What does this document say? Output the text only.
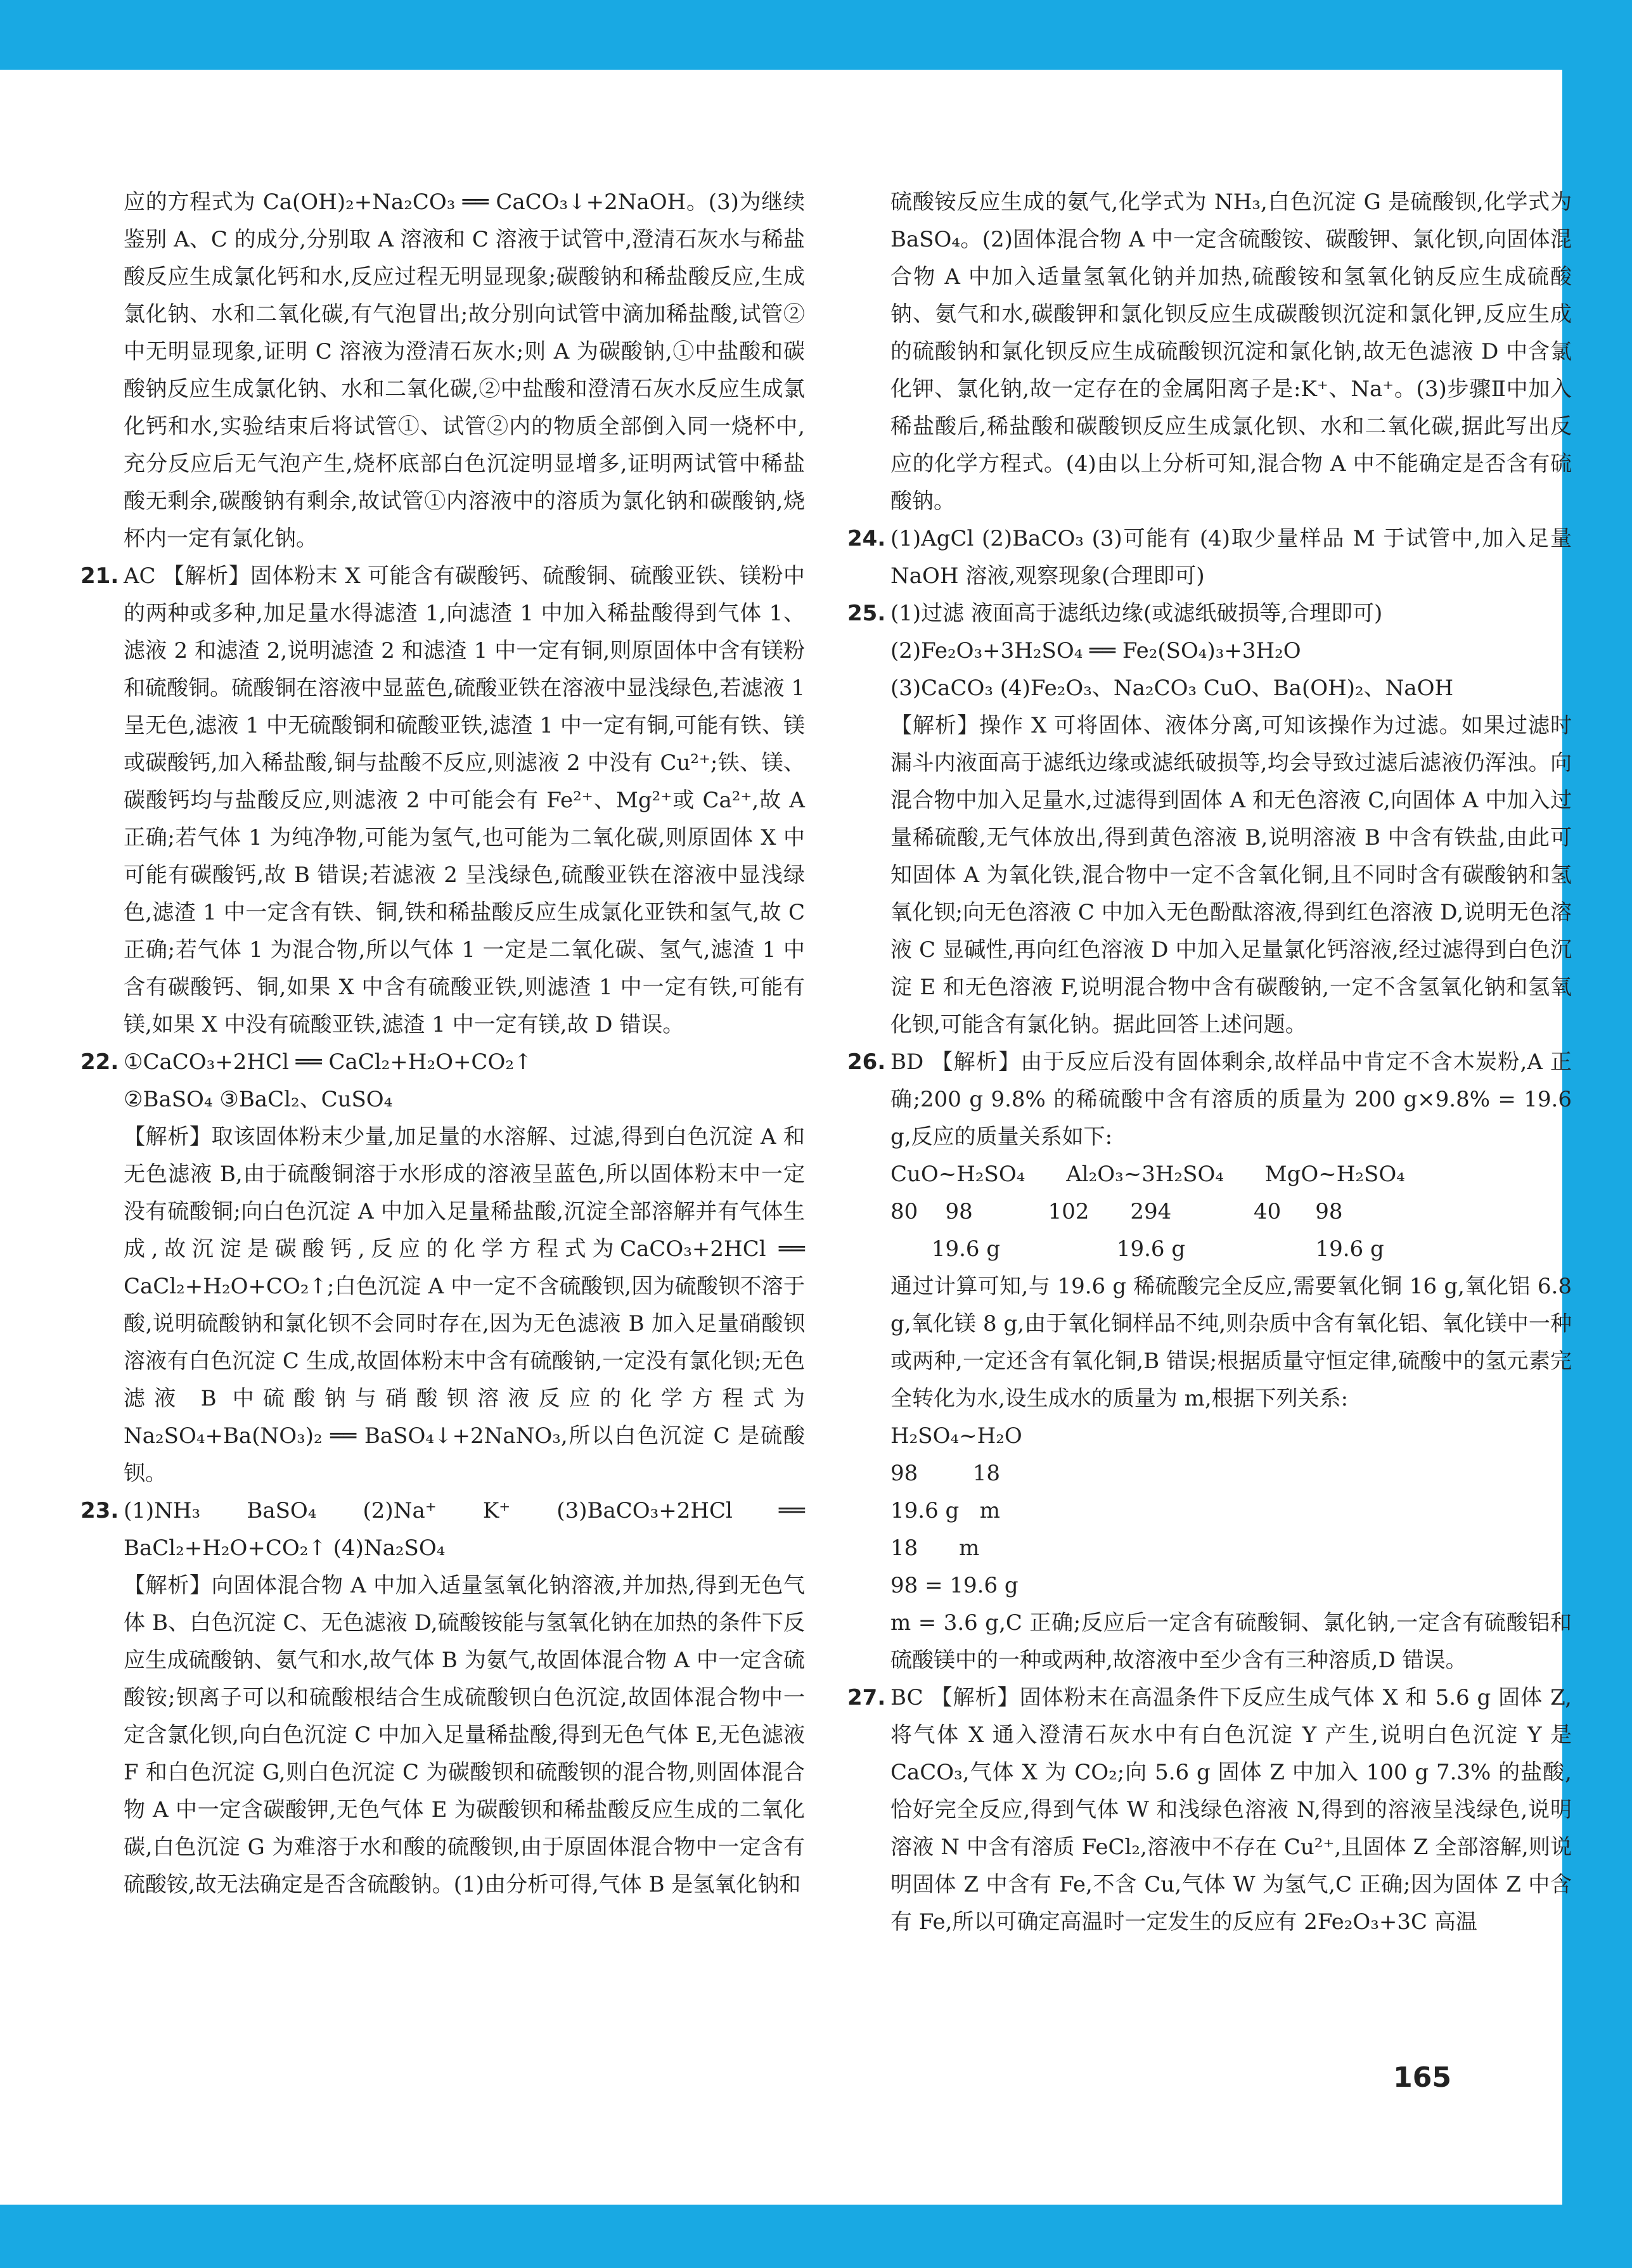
应的方程式为 Ca(OH)₂+Na₂CO₃ ══ CaCO₃↓+2NaOH。(3)为继续鉴别 A、C 的成分,分别取 A 溶液和 C 溶液于试管中,澄清石灰水与稀盐酸反应生成氯化钙和水,反应过程无明显现象;碳酸钠和稀盐酸反应,生成氯化钠、水和二氧化碳,有气泡冒出;故分别向试管中滴加稀盐酸,试管②中无明显现象,证明 C 溶液为澄清石灰水;则 A 为碳酸钠,①中盐酸和碳酸钠反应生成氯化钠、水和二氧化碳,②中盐酸和澄清石灰水反应生成氯化钙和水,实验结束后将试管①、试管②内的物质全部倒入同一烧杯中,充分反应后无气泡产生,烧杯底部白色沉淀明显增多,证明两试管中稀盐酸无剩余,碳酸钠有剩余,故试管①内溶液中的溶质为氯化钠和碳酸钠,烧杯内一定有氯化钠。

21. AC 【解析】固体粉末 X 可能含有碳酸钙、硫酸铜、硫酸亚铁、镁粉中的两种或多种,加足量水得滤渣 1,向滤渣 1 中加入稀盐酸得到气体 1、滤液 2 和滤渣 2,说明滤渣 2 和滤渣 1 中一定有铜,则原固体中含有镁粉和硫酸铜。硫酸铜在溶液中显蓝色,硫酸亚铁在溶液中显浅绿色,若滤液 1 呈无色,滤液 1 中无硫酸铜和硫酸亚铁,滤渣 1 中一定有铜,可能有铁、镁或碳酸钙,加入稀盐酸,铜与盐酸不反应,则滤液 2 中没有 Cu²⁺;铁、镁、碳酸钙均与盐酸反应,则滤液 2 中可能会有 Fe²⁺、Mg²⁺或 Ca²⁺,故 A 正确;若气体 1 为纯净物,可能为氢气,也可能为二氧化碳,则原固体 X 中可能有碳酸钙,故 B 错误;若滤液 2 呈浅绿色,硫酸亚铁在溶液中显浅绿色,滤渣 1 中一定含有铁、铜,铁和稀盐酸反应生成氯化亚铁和氢气,故 C 正确;若气体 1 为混合物,所以气体 1 一定是二氧化碳、氢气,滤渣 1 中含有碳酸钙、铜,如果 X 中含有硫酸亚铁,则滤渣 1 中一定有铁,可能有镁,如果 X 中没有硫酸亚铁,滤渣 1 中一定有镁,故 D 错误。

22. ①CaCO₃+2HCl ══ CaCl₂+H₂O+CO₂↑

②BaSO₄ ③BaCl₂、CuSO₄

【解析】取该固体粉末少量,加足量的水溶解、过滤,得到白色沉淀 A 和无色滤液 B,由于硫酸铜溶于水形成的溶液呈蓝色,所以固体粉末中一定没有硫酸铜;向白色沉淀 A 中加入足量稀盐酸,沉淀全部溶解并有气体生成,故沉淀是碳酸钙,反应的化学方程式为CaCO₃+2HCl ══ CaCl₂+H₂O+CO₂↑;白色沉淀 A 中一定不含硫酸钡,因为硫酸钡不溶于酸,说明硫酸钠和氯化钡不会同时存在,因为无色滤液 B 加入足量硝酸钡溶液有白色沉淀 C 生成,故固体粉末中含有硫酸钠,一定没有氯化钡;无色滤液 B 中硫酸钠与硝酸钡溶液反应的化学方程式为 Na₂SO₄+Ba(NO₃)₂ ══ BaSO₄↓+2NaNO₃,所以白色沉淀 C 是硫酸钡。

23. (1)NH₃ BaSO₄ (2)Na⁺ K⁺ (3)BaCO₃+2HCl ══ BaCl₂+H₂O+CO₂↑ (4)Na₂SO₄

【解析】向固体混合物 A 中加入适量氢氧化钠溶液,并加热,得到无色气体 B、白色沉淀 C、无色滤液 D,硫酸铵能与氢氧化钠在加热的条件下反应生成硫酸钠、氨气和水,故气体 B 为氨气,故固体混合物 A 中一定含硫酸铵;钡离子可以和硫酸根结合生成硫酸钡白色沉淀,故固体混合物中一定含氯化钡,向白色沉淀 C 中加入足量稀盐酸,得到无色气体 E,无色滤液 F 和白色沉淀 G,则白色沉淀 C 为碳酸钡和硫酸钡的混合物,则固体混合物 A 中一定含碳酸钾,无色气体 E 为碳酸钡和稀盐酸反应生成的二氧化碳,白色沉淀 G 为难溶于水和酸的硫酸钡,由于原固体混合物中一定含有硫酸铵,故无法确定是否含硫酸钠。(1)由分析可得,气体 B 是氢氧化钠和

硫酸铵反应生成的氨气,化学式为 NH₃,白色沉淀 G 是硫酸钡,化学式为 BaSO₄。(2)固体混合物 A 中一定含硫酸铵、碳酸钾、氯化钡,向固体混合物 A 中加入适量氢氧化钠并加热,硫酸铵和氢氧化钠反应生成硫酸钠、氨气和水,碳酸钾和氯化钡反应生成碳酸钡沉淀和氯化钾,反应生成的硫酸钠和氯化钡反应生成硫酸钡沉淀和氯化钠,故无色滤液 D 中含氯化钾、氯化钠,故一定存在的金属阳离子是:K⁺、Na⁺。(3)步骤Ⅱ中加入稀盐酸后,稀盐酸和碳酸钡反应生成氯化钡、水和二氧化碳,据此写出反应的化学方程式。(4)由以上分析可知,混合物 A 中不能确定是否含有硫酸钠。

24. (1)AgCl (2)BaCO₃ (3)可能有 (4)取少量样品 M 于试管中,加入足量 NaOH 溶液,观察现象(合理即可)

25. (1)过滤 液面高于滤纸边缘(或滤纸破损等,合理即可)

(2)Fe₂O₃+3H₂SO₄ ══ Fe₂(SO₄)₃+3H₂O

(3)CaCO₃ (4)Fe₂O₃、Na₂CO₃ CuO、Ba(OH)₂、NaOH

【解析】操作 X 可将固体、液体分离,可知该操作为过滤。如果过滤时漏斗内液面高于滤纸边缘或滤纸破损等,均会导致过滤后滤液仍浑浊。向混合物中加入足量水,过滤得到固体 A 和无色溶液 C,向固体 A 中加入过量稀硫酸,无气体放出,得到黄色溶液 B,说明溶液 B 中含有铁盐,由此可知固体 A 为氧化铁,混合物中一定不含氧化铜,且不同时含有碳酸钠和氢氧化钡;向无色溶液 C 中加入无色酚酞溶液,得到红色溶液 D,说明无色溶液 C 显碱性,再向红色溶液 D 中加入足量氯化钙溶液,经过滤得到白色沉淀 E 和无色溶液 F,说明混合物中含有碳酸钠,一定不含氢氧化钠和氢氧化钡,可能含有氯化钠。据此回答上述问题。

26. BD 【解析】由于反应后没有固体剩余,故样品中肯定不含木炭粉,A 正确;200 g 9.8% 的稀硫酸中含有溶质的质量为 200 g×9.8% = 19.6 g,反应的质量关系如下:

CuO~H₂SO₄      Al₂O₃~3H₂SO₄      MgO~H₂SO₄

80    98           102      294            40     98

19.6 g                 19.6 g                   19.6 g

通过计算可知,与 19.6 g 稀硫酸完全反应,需要氧化铜 16 g,氧化铝 6.8 g,氧化镁 8 g,由于氧化铜样品不纯,则杂质中含有氧化铝、氧化镁中一种或两种,一定还含有氧化铜,B 错误;根据质量守恒定律,硫酸中的氢元素完全转化为水,设生成水的质量为 m,根据下列关系:

H₂SO₄~H₂O

98        18

19.6 g   m

18      m

98 = 19.6 g

m = 3.6 g,C 正确;反应后一定含有硫酸铜、氯化钠,一定含有硫酸铝和硫酸镁中的一种或两种,故溶液中至少含有三种溶质,D 错误。

27. BC 【解析】固体粉末在高温条件下反应生成气体 X 和 5.6 g 固体 Z,将气体 X 通入澄清石灰水中有白色沉淀 Y 产生,说明白色沉淀 Y 是 CaCO₃,气体 X 为 CO₂;向 5.6 g 固体 Z 中加入 100 g 7.3% 的盐酸,恰好完全反应,得到气体 W 和浅绿色溶液 N,得到的溶液呈浅绿色,说明溶液 N 中含有溶质 FeCl₂,溶液中不存在 Cu²⁺,且固体 Z 全部溶解,则说明固体 Z 中含有 Fe,不含 Cu,气体 W 为氢气,C 正确;因为固体 Z 中含有 Fe,所以可确定高温时一定发生的反应有 2Fe₂O₃+3C 高温

165
